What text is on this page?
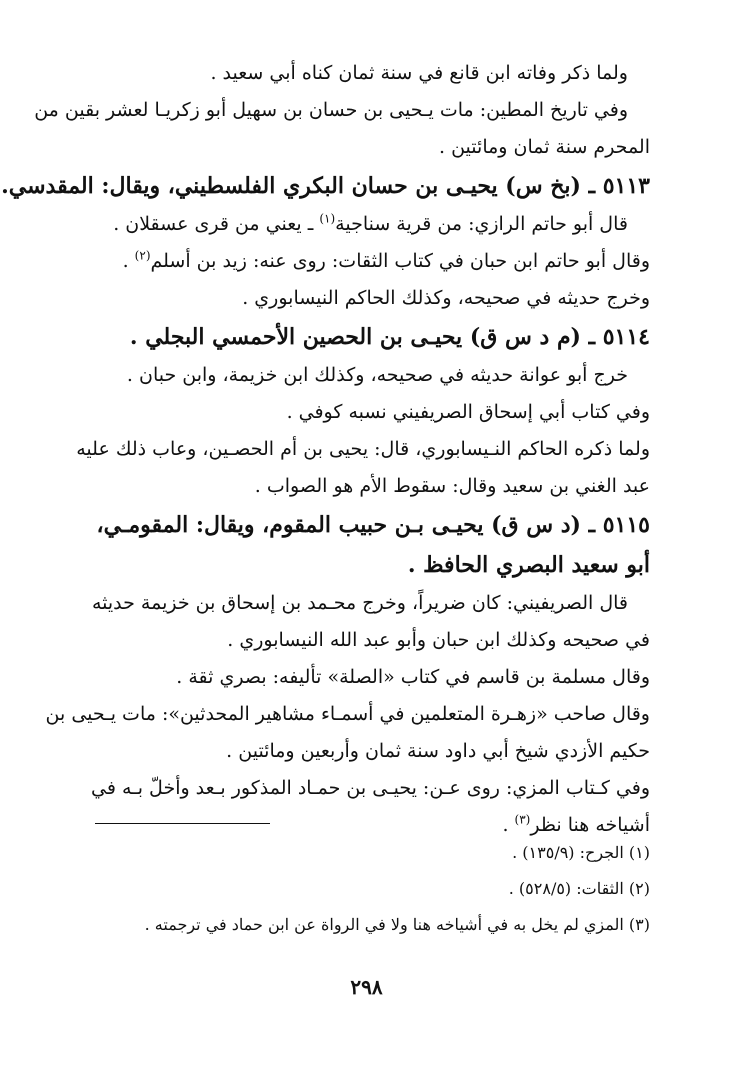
ولما ذكر وفاته ابن قانع في سنة ثمان كناه أبي سعيد .
وفي تاريخ المطين: مات يـحيى بن حسان بن سهيل أبو زكريـا لعشر بقين من
المحرم سنة ثمان ومائتين .
٥١١٣ ـ (بخ س) يحيـى بن حسان البكري الفلسطيني، ويقال: المقدسي.
قال أبو حاتم الرازي: من قرية سناجية$^{(١)}$ ـ يعني من قرى عسقلان .
وقال أبو حاتم ابن حبان في كتاب الثقات: روى عنه: زيد بن أسلم$^{(٢)}$ .
وخرج حديثه في صحيحه، وكذلك الحاكم النيسابوري .
٥١١٤ ـ (م د س ق) يحيـى بن الحصين الأحمسي البجلي .
خرج أبو عوانة حديثه في صحيحه، وكذلك ابن خزيمة، وابن حبان .
وفي كتاب أبي إسحاق الصريفيني نسبه كوفي .
ولما ذكره الحاكم النـيسابوري، قال: يحيى بن أم الحصـين، وعاب ذلك عليه
عبد الغني بن سعيد وقال: سقوط الأم هو الصواب .
٥١١٥ ـ (د س ق) يحيـى بـن حبيب المقوم، ويقال: المقومـي، أبو سعيد البصري الحافظ .
قال الصريفيني: كان ضريراً، وخرج محـمد بن إسحاق بن خزيمة حديثه
في صحيحه وكذلك ابن حبان وأبو عبد الله النيسابوري .
وقال مسلمة بن قاسم في كتاب «الصلة» تأليفه: بصري ثقة .
وقال صاحب «زهـرة المتعلمين في أسمـاء مشاهير المحدثين»: مات يـحيى بن
حكيم الأزدي شيخ أبي داود سنة ثمان وأربعين ومائتين .
وفي كـتاب المزي: روى عـن: يحيـى بن حمـاد المذكور بـعد وأخلّ بـه في
أشياخه هنا نظر$^{(٣)}$ .
(١) الجرح: (١٣٥/٩) .
(٢) الثقات: (٥٢٨/٥) .
(٣) المزي لم يخل به في أشياخه هنا ولا في الرواة عن ابن حماد في ترجمته .
٢٩٨
